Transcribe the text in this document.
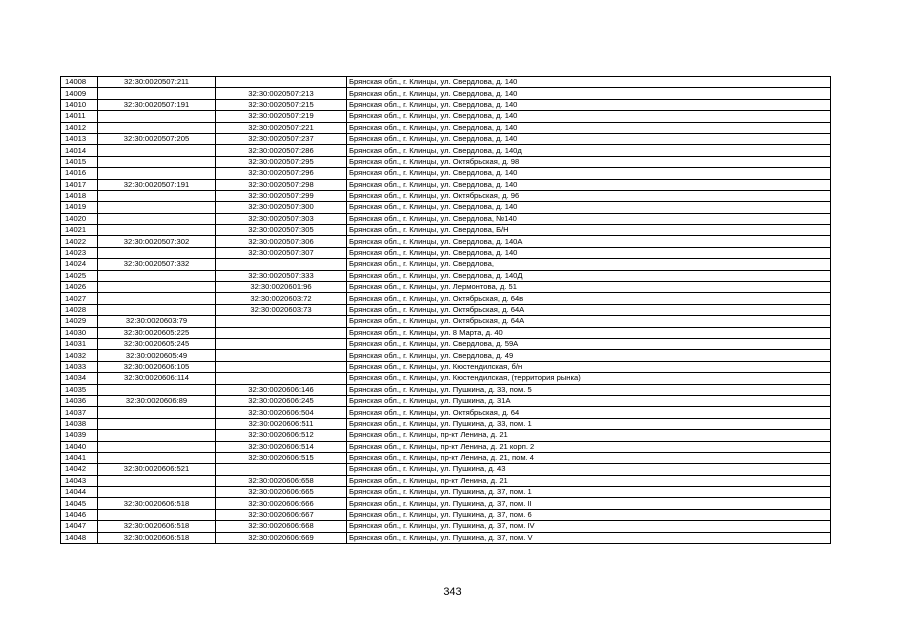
14008	32:30:0020507:211		Брянская обл., г. Клинцы, ул. Свердлова, д. 140
14009		32:30:0020507:213	Брянская обл., г. Клинцы, ул. Свердлова, д. 140
14010	32:30:0020507:191	32:30:0020507:215	Брянская обл., г. Клинцы, ул. Свердлова, д. 140
14011		32:30:0020507:219	Брянская обл., г. Клинцы, ул. Свердлова, д. 140
14012		32:30:0020507:221	Брянская обл., г. Клинцы, ул. Свердлова, д. 140
14013	32:30:0020507:205	32:30:0020507:237	Брянская обл., г. Клинцы, ул. Свердлова, д. 140
14014		32:30:0020507:286	Брянская обл., г. Клинцы, ул. Свердлова, д. 140д
14015		32:30:0020507:295	Брянская обл., г. Клинцы, ул. Октябрьская, д. 98
14016		32:30:0020507:296	Брянская обл., г. Клинцы, ул. Свердлова, д. 140
14017	32:30:0020507:191	32:30:0020507:298	Брянская обл., г. Клинцы, ул. Свердлова, д. 140
14018		32:30:0020507:299	Брянская обл., г. Клинцы, ул. Октябрьская, д. 96
14019		32:30:0020507:300	Брянская обл., г. Клинцы, ул. Свердлова, д. 140
14020		32:30:0020507:303	Брянская обл., г. Клинцы, ул. Свердлова, №140
14021		32:30:0020507:305	Брянская обл., г. Клинцы, ул. Свердлова, Б/Н
14022	32:30:0020507:302	32:30:0020507:306	Брянская обл., г. Клинцы, ул. Свердлова, д. 140А
14023		32:30:0020507:307	Брянская обл., г. Клинцы, ул. Свердлова, д. 140
14024	32:30:0020507:332		Брянская обл., г. Клинцы, ул. Свердлова,
14025		32:30:0020507:333	Брянская обл., г. Клинцы, ул. Свердлова, д. 140Д
14026		32:30:0020601:96	Брянская обл., г. Клинцы, ул. Лермонтова, д. 51
14027		32:30:0020603:72	Брянская обл., г. Клинцы, ул. Октябрьская, д. 64в
14028		32:30:0020603:73	Брянская обл., г. Клинцы, ул. Октябрьская, д. 64А
14029	32:30:0020603:79		Брянская обл., г. Клинцы, ул. Октябрьская, д. 64А
14030	32:30:0020605:225		Брянская обл., г. Клинцы, ул. 8 Марта, д. 40
14031	32:30:0020605:245		Брянская обл., г. Клинцы, ул. Свердлова, д. 59А
14032	32:30:0020605:49		Брянская обл., г. Клинцы, ул. Свердлова, д. 49
14033	32:30:0020606:105		Брянская обл., г. Клинцы, ул. Кюстендилская, б/н
14034	32:30:0020606:114		Брянская обл., г. Клинцы, ул. Кюстендилская, (территория рынка)
14035		32:30:0020606:146	Брянская обл., г. Клинцы, ул. Пушкина, д. 33, пом. 5
14036	32:30:0020606:89	32:30:0020606:245	Брянская обл., г. Клинцы, ул. Пушкина, д. 31А
14037		32:30:0020606:504	Брянская обл., г. Клинцы, ул. Октябрьская, д. 64
14038		32:30:0020606:511	Брянская обл., г. Клинцы, ул. Пушкина, д. 33, пом. 1
14039		32:30:0020606:512	Брянская обл., г. Клинцы, пр-кт Ленина, д. 21
14040		32:30:0020606:514	Брянская обл., г. Клинцы, пр-кт Ленина, д. 21 корп. 2
14041		32:30:0020606:515	Брянская обл., г. Клинцы, пр-кт Ленина, д. 21, пом. 4
14042	32:30:0020606:521		Брянская обл., г. Клинцы, ул. Пушкина, д. 43
14043		32:30:0020606:658	Брянская обл., г. Клинцы, пр-кт Ленина, д. 21
14044		32:30:0020606:665	Брянская обл., г. Клинцы, ул. Пушкина, д. 37, пом. 1
14045	32:30:0020606:518	32:30:0020606:666	Брянская обл., г. Клинцы, ул. Пушкина, д. 37, пом. II
14046		32:30:0020606:667	Брянская обл., г. Клинцы, ул. Пушкина, д. 37, пом. 6
14047	32:30:0020606:518	32:30:0020606:668	Брянская обл., г. Клинцы, ул. Пушкина, д. 37, пом. IV
14048	32:30:0020606:518	32:30:0020606:669	Брянская обл., г. Клинцы, ул. Пушкина, д. 37, пом. V
343
